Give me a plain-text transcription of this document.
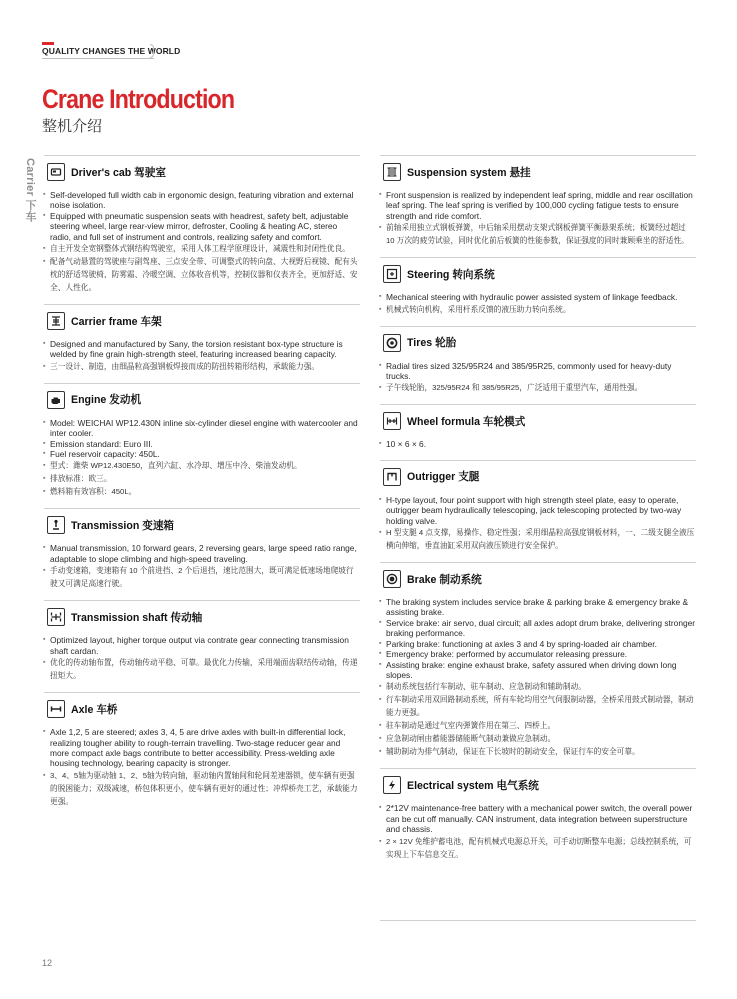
QUALITY CHANGES THE WORLD
Crane Introduction
整机介绍
Carrier 下车	Driver's cab 驾驶室
▪ Self-developed full width cab in ergonomic design, featuring vibration and external noise isolation.
▪ Equipped with pneumatic suspension seats with headrest, safety belt, adjustable steering wheel, large rear-view mirror, defroster, Cooling & heating AC, stereo radio, and full set of instrument and controls, realizing safety and comfort.
▪ 自主开发全宽钢整体式钢结构驾驶室，采用人体工程学原理设计，减震性和封闭性优良。
▪ 配备气动悬置的驾驶座与副驾座、三点安全带、可调整式的转向盘、大视野后视镜、配有头枕的舒适驾驶椅、防雾霜、冷暖空调、立体收音机等，控制仪器和仪表齐全，更加舒适、安全、人性化。
Carrier frame 车架
▪ Designed and manufactured by Sany, the torsion resistant box-type structure is welded by fine grain high-strength steel, featuring increased bearing capacity.
▪ 三一设计、制造，由细晶粒高强钢板焊接而成的防扭转箱形结构，承载能力强。
Engine 发动机
▪ Model: WEICHAI WP12.430N inline six-cylinder diesel engine with watercooler and inter cooler.
▪ Emission standard: Euro III.
▪ Fuel reservoir capacity: 450L.
▪ 型式：潍柴 WP12.430E50，直列六缸、水冷却、增压中冷、柴油发动机。
▪ 排放标准：欧三。
▪ 燃料箱有效容积：450L。
Transmission 变速箱
▪ Manual transmission, 10 forward gears, 2 reversing gears, large speed ratio range, adaptable to slope climbing and high-speed traveling.
▪ 手动变速箱，变速箱有 10 个前进挡、2 个后退挡，速比范围大，既可满足低速场地爬坡行驶又可满足高速行驶。
Transmission shaft 传动轴
▪ Optimized layout, higher torque output via contrate gear connecting transmission shaft cardan.
▪ 优化的传动轴布置，传动轴传动平稳、可靠。最优化力传输，采用端面齿联结传动轴，传递扭矩大。
Axle 车桥
▪ Axle 1,2, 5 are steered; axles 3, 4, 5 are drive axles with built-in differential lock, realizing tougher ability to rough-terrain travelling. Two-stage reducer gear and more compact axle bags contribute to better accessibility. Press-welding axle housing technology, bearing capacity is stronger.
▪ 3、4、5轴为驱动轴 1、2、5轴为转向轴，驱动轴内置轴间和轮间差速器锁，使车辆有更强的脱困能力；双级减速，桥包体积更小，使车辆有更好的通过性；冲焊桥壳工艺，承载能力更强。
Suspension system 悬挂
▪ Front suspension is realized by independent leaf spring, middle and rear oscillation leaf spring. The leaf spring is verified by 100,000 cycling fatigue tests to ensure strength and ride comfort.
▪ 前轴采用独立式钢板弹簧，中后轴采用摆动支架式钢板弹簧平衡悬架系统；板簧经过超过 10 万次的疲劳试验，同时优化前后板簧的性能参数，保证强度的同时兼顾乘坐的舒适性。
Steering 转向系统
▪ Mechanical steering with hydraulic power assisted system of linkage feedback.
▪ 机械式转向机构，采用杆系反馈的液压助力转向系统。
Tires 轮胎
▪ Radial tires sized 325/95R24 and 385/95R25, commonly used for heavy-duty trucks.
▪ 子午线轮胎，325/95R24 和 385/95R25，广泛适用于重型汽车，通用性强。
Wheel formula 车轮模式
▪ 10 × 6 × 6.
Outrigger 支腿
▪ H-type layout, four point support with high strength steel plate, easy to operate, outrigger beam hydraulically telescoping, jack telescoping protected by two-way holding valve.
▪ H 型支腿 4 点支撑，易操作、稳定性强；采用细晶粒高强度钢板材料，一、二级支腿全液压横向伸缩，垂直油缸采用双向液压锁进行安全保护。
Brake 制动系统
▪ The braking system includes service brake & parking brake & emergency brake & assisting brake.
▪ Service brake: air servo, dual circuit; all axles adopt drum brake, delivering stronger braking performance.
▪ Parking brake: functioning at axles 3 and 4 by spring-loaded air chamber.
▪ Emergency brake: performed by accumulator releasing pressure.
▪ Assisting brake: engine exhaust brake, safety assured when driving down long slopes.
▪ 制动系统包括行车制动、驻车制动、应急制动和辅助制动。
▪ 行车制动采用双回路制动系统，所有车轮均用空气伺服制动器，全桥采用鼓式制动器，制动能力更强。
▪ 驻车制动是通过气室内弹簧作用在第三、四桥上。
▪ 应急制动闸由蓄能器储能断气制动兼做应急制动。
▪ 辅助制动为排气制动，保证在下长坡时的制动安全，保证行车的安全可靠。
Electrical system 电气系统
▪ 2*12V maintenance-free battery with a mechanical power switch, the overall power can be cut off manually. CAN instrument, data integration between superstructure and chassis.
▪ 2 × 12V 免维护蓄电池，配有机械式电源总开关，可手动切断整车电源；总线控制系统，可实现上下车信息交互。
12
